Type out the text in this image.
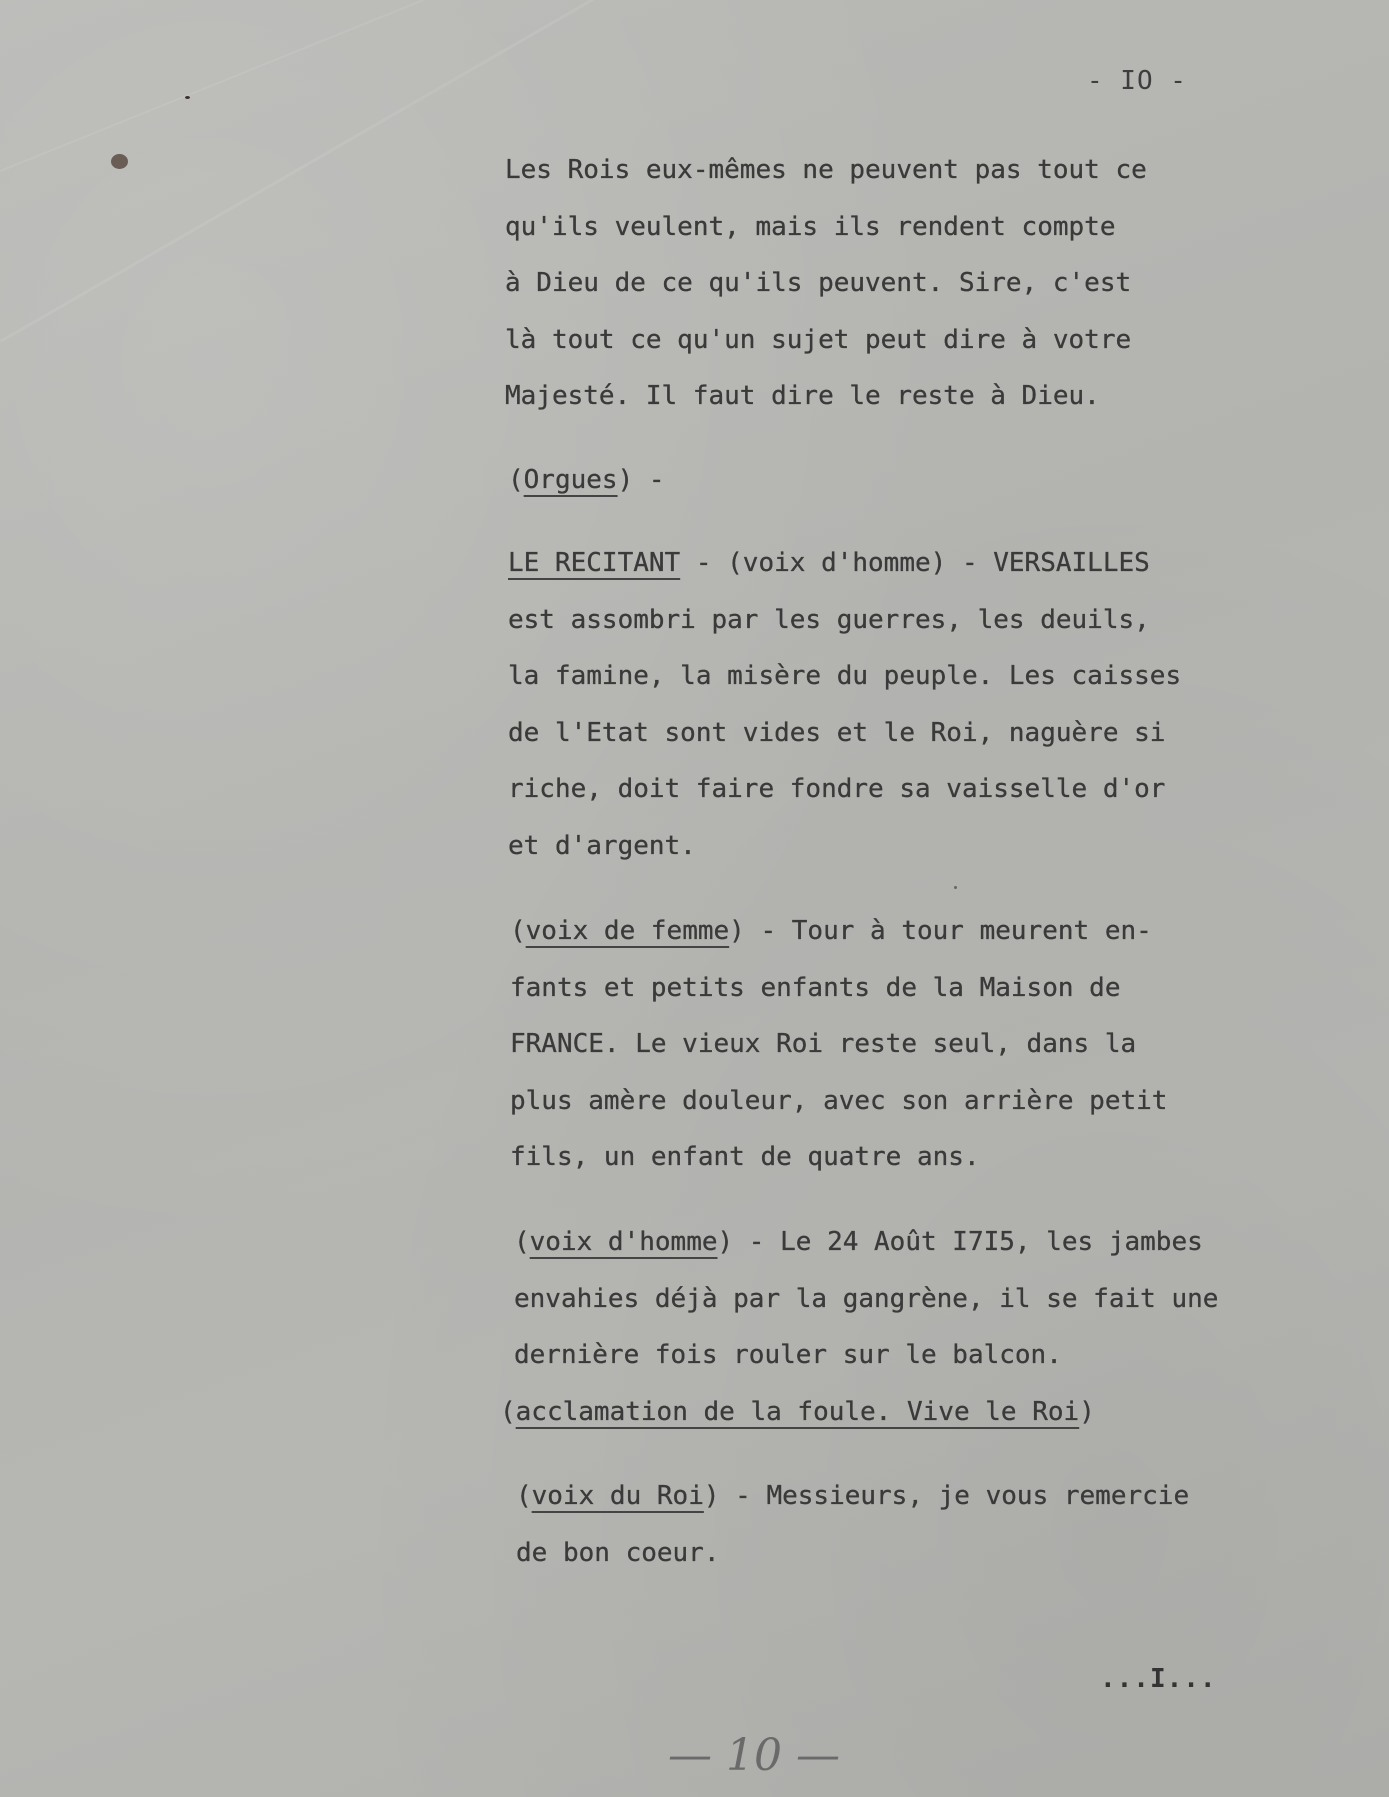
- IO -

Les Rois eux-mêmes ne peuvent pas tout ce
qu'ils veulent, mais ils rendent compte
à Dieu de ce qu'ils peuvent. Sire, c'est
là tout ce qu'un sujet peut dire à votre
Majesté. Il faut dire le reste à Dieu.

(Orgues) -

LE RECITANT - (voix d'homme) - VERSAILLES
est assombri par les guerres, les deuils,
la famine, la misère du peuple. Les caisses
de l'Etat sont vides et le Roi, naguère si
riche, doit faire fondre sa vaisselle d'or
et d'argent.

(voix de femme) - Tour à tour meurent en-
fants et petits enfants de la Maison de
FRANCE. Le vieux Roi reste seul, dans la
plus amère douleur, avec son arrière petit
fils, un enfant de quatre ans.

(voix d'homme) - Le 24 Août I7I5, les jambes
envahies déjà par la gangrène, il se fait une
dernière fois rouler sur le balcon.

(acclamation de la foule. Vive le Roi)

(voix du Roi) - Messieurs, je vous remercie
de bon coeur.

...I...
— 10 —
